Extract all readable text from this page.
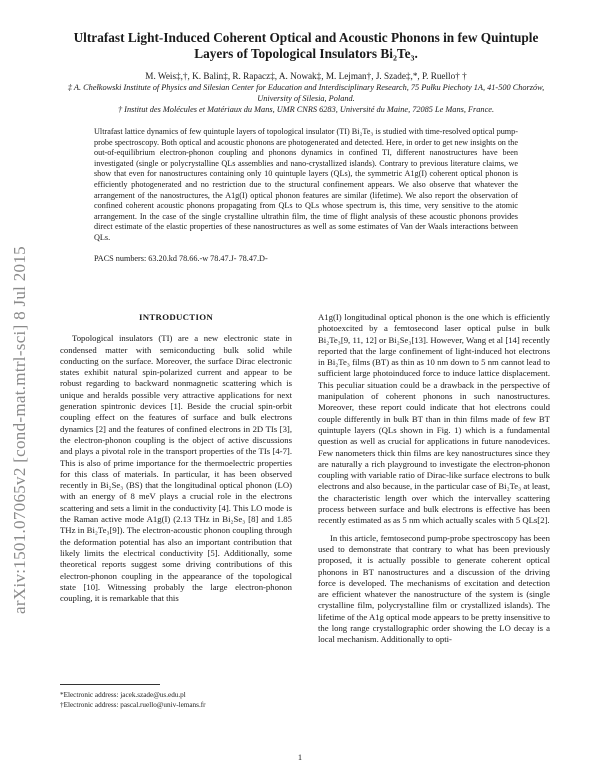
arXiv:1501.07065v2 [cond-mat.mtrl-sci] 8 Jul 2015
Ultrafast Light-Induced Coherent Optical and Acoustic Phonons in few Quintuple Layers of Topological Insulators Bi₂Te₃.
M. Weis‡,†, K. Balin‡, R. Rapacz‡, A. Nowak‡, M. Lejman†, J. Szade‡,*, P. Ruello† †
‡ A. Chełkowski Institute of Physics and Silesian Center for Education and Interdisciplinary Research, 75 Pułku Piechoty 1A, 41-500 Chorzów, University of Silesia, Poland.
† Institut des Molécules et Matériaux du Mans, UMR CNRS 6283, Université du Maine, 72085 Le Mans, France.
Ultrafast lattice dynamics of few quintuple layers of topological insulator (TI) Bi₂Te₃ is studied with time-resolved optical pump-probe spectroscopy. Both optical and acoustic phonons are photogenerated and detected. Here, in order to get new insights on the out-of-equilibrium electron-phonon coupling and phonons dynamics in confined TI, different nanostructures have been investigated (single or polycrystalline QLs assemblies and nano-crystallized islands). Contrary to previous literature claims, we show that even for nanostructures containing only 10 quintuple layers (QLs), the symmetric A1g(I) coherent optical phonon is efficiently photogenerated and no restriction due to the structural confinement appears. We also observe that whatever the arrangement of the nanostructures, the A1g(I) optical phonon features are similar (lifetime). We also report the observation of confined coherent acoustic phonons propagating from QLs to QLs whose spectrum is, this time, very sensitive to the atomic arrangement. In the case of the single crystalline ultrathin film, the time of flight analysis of these acoustic phonons provides direct estimate of the elastic properties of these nanostructures as well as some estimates of Van der Waals interactions between QLs.
PACS numbers: 63.20.kd 78.66.-w 78.47.J- 78.47.D-
INTRODUCTION

Topological insulators (TI) are a new electronic state in condensed matter with semiconducting bulk solid while conducting on the surface. Moreover, the surface Dirac electronic states exhibit natural spin-polarized current and appear to be robust regarding to backward nonmagnetic scattering which is unique and heralds possible very attractive applications for next generation spintronic devices [1]. Beside the crucial spin-orbit coupling effect on the features of surface and bulk electrons dynamics [2] and the features of confined electrons in 2D TIs [3], the electron-phonon coupling is the object of active discussions and plays a pivotal role in the transport properties of the TIs [4-7]. This is also of prime importance for the thermoelectric properties for this class of materials. In particular, it has been observed recently in Bi₂Se₃ (BS) that the longitudinal optical phonon (LO) with an energy of 8 meV plays a crucial role in the electrons scattering and sets a limit in the conductivity [4]. This LO mode is the Raman active mode A1g(I) (2.13 THz in Bi₂Se₃ [8] and 1.85 THz in Bi₂Te₃[9]). The electron-acoustic phonon coupling through the deformation potential has also an important contribution that likely limits the electrical conductivity [5]. Additionally, some theoretical reports suggest some driving contributions of this electron-phonon coupling in the appearance of the topological state [10]. Witnessing probably the large electron-phonon coupling, it is remarkable that this

A1g(I) longitudinal optical phonon is the one which is efficiently photoexcited by a femtosecond laser optical pulse in bulk Bi₂Te₃[9, 11, 12] or Bi₂Se₃[13]. However, Wang et al [14] recently reported that the large confinement of light-induced hot electrons in Bi₂Te₃ films (BT) as thin as 10 nm down to 5 nm cannot lead to sufficient large photoinduced force to induce lattice displacement. This peculiar situation could be a drawback in the perspective of manipulation of coherent phonons in such nanostructures. Moreover, these report could indicate that hot electrons could couple differently in bulk BT than in thin films made of few BT quintuple layers (QLs shown in Fig. 1) which is a fundamental question as well as crucial for applications in future nanodevices. Few nanometers thick thin films are key nanostructures since they are naturally a rich playground to investigate the electron-phonon coupling with variable ratio of Dirac-like surface electrons to bulk electrons and also because, in the particular case of Bi₂Te₃ at least, the characteristic length over which the intervalley scattering process between surface and bulk electrons is effective has been recently estimated as as 5 nm which actually scales with 5 QLs[2].

In this article, femtosecond pump-probe spectroscopy has been used to demonstrate that contrary to what has been previously proposed, it is actually possible to generate coherent optical phonons in BT nanostructures and a discussion of the driving force is developed. The mechanisms of excitation and detection are efficient whatever the nanostructure of the system is (single crystalline film, polycrystalline film or crystallized islands). The lifetime of the A1g optical mode appears to be pretty insensitive to the long range crystallographic order showing the LO decay is a local mechanism. Additionally to opti-

*Electronic address: jacek.szade@us.edu.pl
†Electronic address: pascal.ruello@univ-lemans.fr
1
